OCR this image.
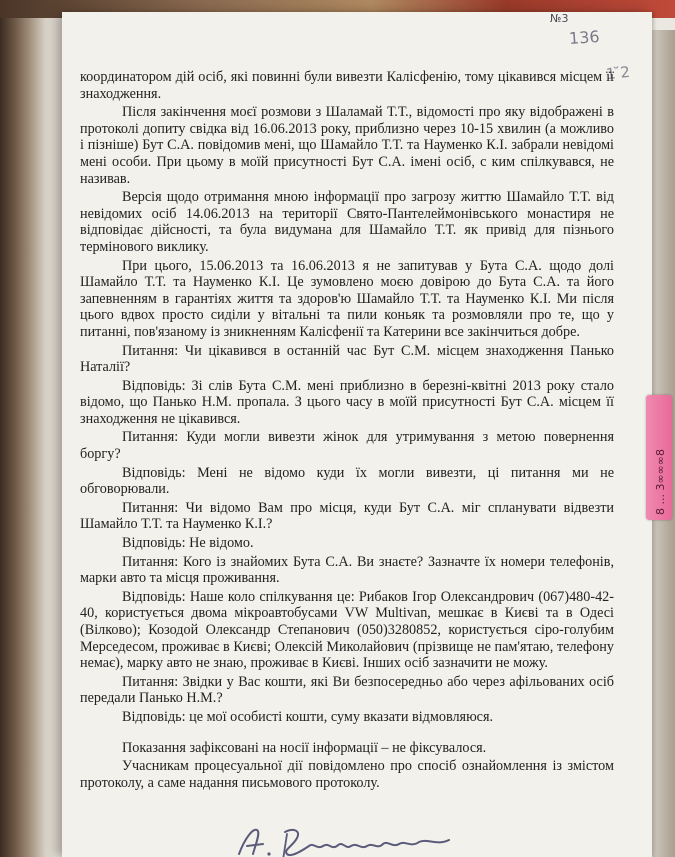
№3
136
1 ̆2

координатором дій осіб, які повинні були вивезти Калісфенію, тому цікавився місцем її знаходження.

Після закінчення моєї розмови з Шаламай Т.Т., відомості про яку відображені в протоколі допиту свідка від 16.06.2013 року, приблизно через 10-15 хвилин (а можливо і пізніше) Бут С.А. повідомив мені, що Шамайло Т.Т. та Науменко К.І. забрали невідомі мені особи. При цьому в моїй присутності Бут С.А. імені осіб, с ким спілкувався, не називав.

Версія щодо отримання мною інформації про загрозу життю Шамайло Т.Т. від невідомих осіб 14.06.2013 на території Свято-Пантелеймонівського монастиря не відповідає дійсності, та була видумана для Шамайло Т.Т. як привід для пізнього термінового виклику.

При цього, 15.06.2013 та 16.06.2013 я не запитував у Бута С.А. щодо долі Шамайло Т.Т. та Науменко К.І. Це зумовлено моєю довірою до Бута С.А. та його запевненням в гарантіях життя та здоров'ю Шамайло Т.Т. та Науменко К.І. Ми після цього вдвох просто сиділи у вітальні та пили коньяк та розмовляли про те, що у питанні, пов'язаному із зникненням Калісфенії та Катерини все закінчиться добре.

Питання: Чи цікавився в останній час Бут С.М. місцем знаходження Панько Наталії?

Відповідь: Зі слів Бута С.М. мені приблизно в березні-квітні 2013 року стало відомо, що Панько Н.М. пропала. З цього часу в моїй присутності Бут С.А. місцем її знаходження не цікавився.

Питання: Куди могли вивезти жінок для утримування з метою повернення боргу?

Відповідь: Мені не відомо куди їх могли вивезти, ці питання ми не обговорювали.

Питання: Чи відомо Вам про місця, куди Бут С.А. міг спланувати відвезти Шамайло Т.Т. та Науменко К.І.?

Відповідь: Не відомо.

Питання: Кого із знайомих Бута С.А. Ви знаєте? Зазначте їх номери телефонів, марки авто та місця проживання.

Відповідь: Наше коло спілкування це: Рибаков Ігор Олександрович (067)480-42-40, користується двома мікроавтобусами VW Multivan, мешкає в Києві та в Одесі (Вілково); Козодой Олександр Степанович (050)3280852, користується сіро-голубим Мерседесом, проживає в Києві; Олексій Миколайович (прізвище не пам'ятаю, телефону немає), марку авто не знаю, проживає в Києві. Інших осіб зазначити не можу.

Питання: Звідки у Вас кошти, які Ви безпосередньо або через афільованих осіб передали Панько Н.М.?

Відповідь: це мої особисті кошти, суму вказати відмовляюся.

Показання зафіксовані на носії інформації – не фіксувалося.

Учасникам процесуальної дії повідомлено про спосіб ознайомлення із змістом протоколу, а саме надання письмового протоколу.

8 ... 3∞∞∞8
